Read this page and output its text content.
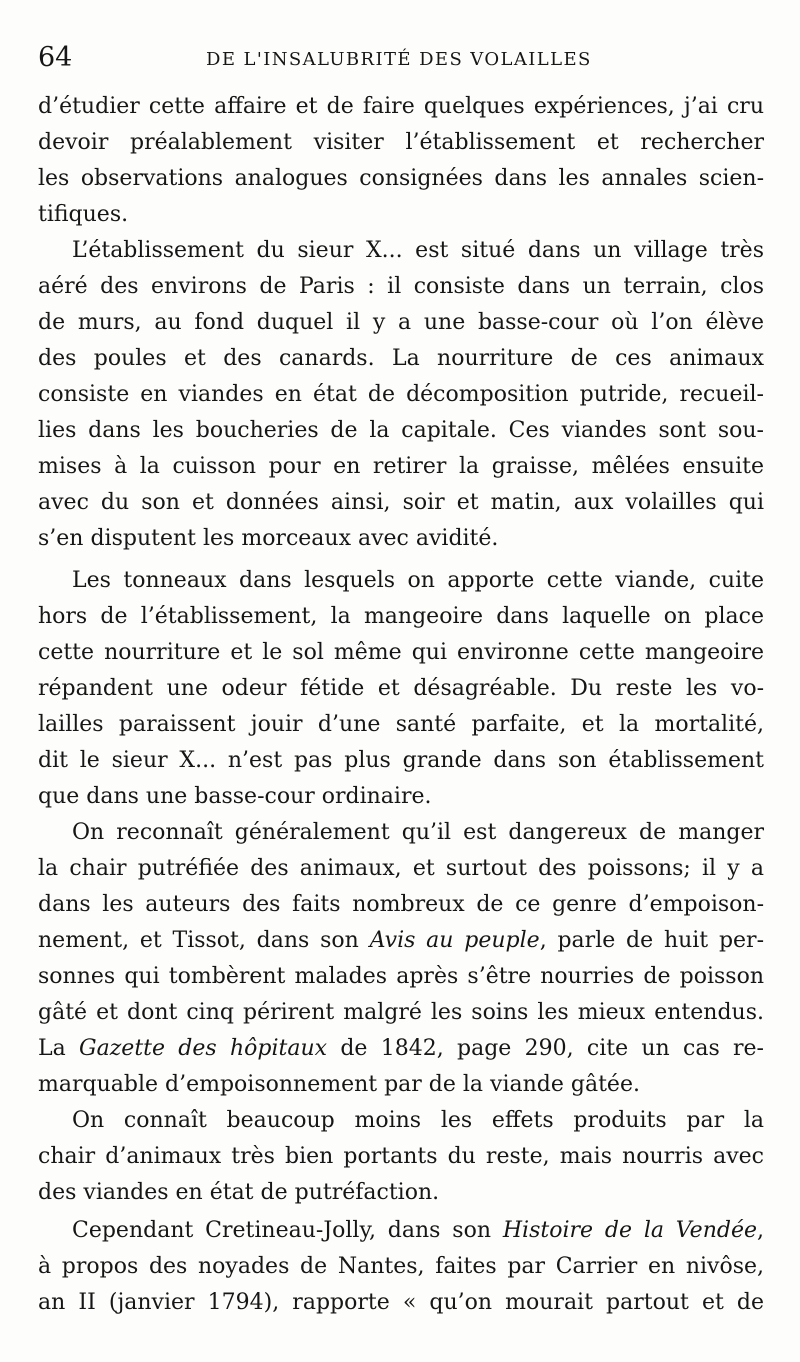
64	DE L'INSALUBRITÉ DES VOLAILLES
d’étudier cette affaire et de faire quelques expériences, j’ai cru
devoir préalablement visiter l’établissement et rechercher
les observations analogues consignées dans les annales scien-
tifiques.
L’établissement du sieur X... est situé dans un village très
aéré des environs de Paris : il consiste dans un terrain, clos
de murs, au fond duquel il y a une basse-cour où l’on élève
des poules et des canards. La nourriture de ces animaux
consiste en viandes en état de décomposition putride, recueil-
lies dans les boucheries de la capitale. Ces viandes sont sou-
mises à la cuisson pour en retirer la graisse, mêlées ensuite
avec du son et données ainsi, soir et matin, aux volailles qui
s’en disputent les morceaux avec avidité.
Les tonneaux dans lesquels on apporte cette viande, cuite
hors de l’établissement, la mangeoire dans laquelle on place
cette nourriture et le sol même qui environne cette mangeoire
répandent une odeur fétide et désagréable. Du reste les vo-
lailles paraissent jouir d’une santé parfaite, et la mortalité,
dit le sieur X... n’est pas plus grande dans son établissement
que dans une basse-cour ordinaire.
On reconnaît généralement qu’il est dangereux de manger
la chair putréfiée des animaux, et surtout des poissons; il y a
dans les auteurs des faits nombreux de ce genre d’empoison-
nement, et Tissot, dans son Avis au peuple, parle de huit per-
sonnes qui tombèrent malades après s’être nourries de poisson
gâté et dont cinq périrent malgré les soins les mieux entendus.
La Gazette des hôpitaux de 1842, page 290, cite un cas re-
marquable d’empoisonnement par de la viande gâtée.
On connaît beaucoup moins les effets produits par la
chair d’animaux très bien portants du reste, mais nourris avec
des viandes en état de putréfaction.
Cependant Cretineau-Jolly, dans son Histoire de la Vendée,
à propos des noyades de Nantes, faites par Carrier en nivôse,
an II (janvier 1794), rapporte « qu’on mourait partout et de
